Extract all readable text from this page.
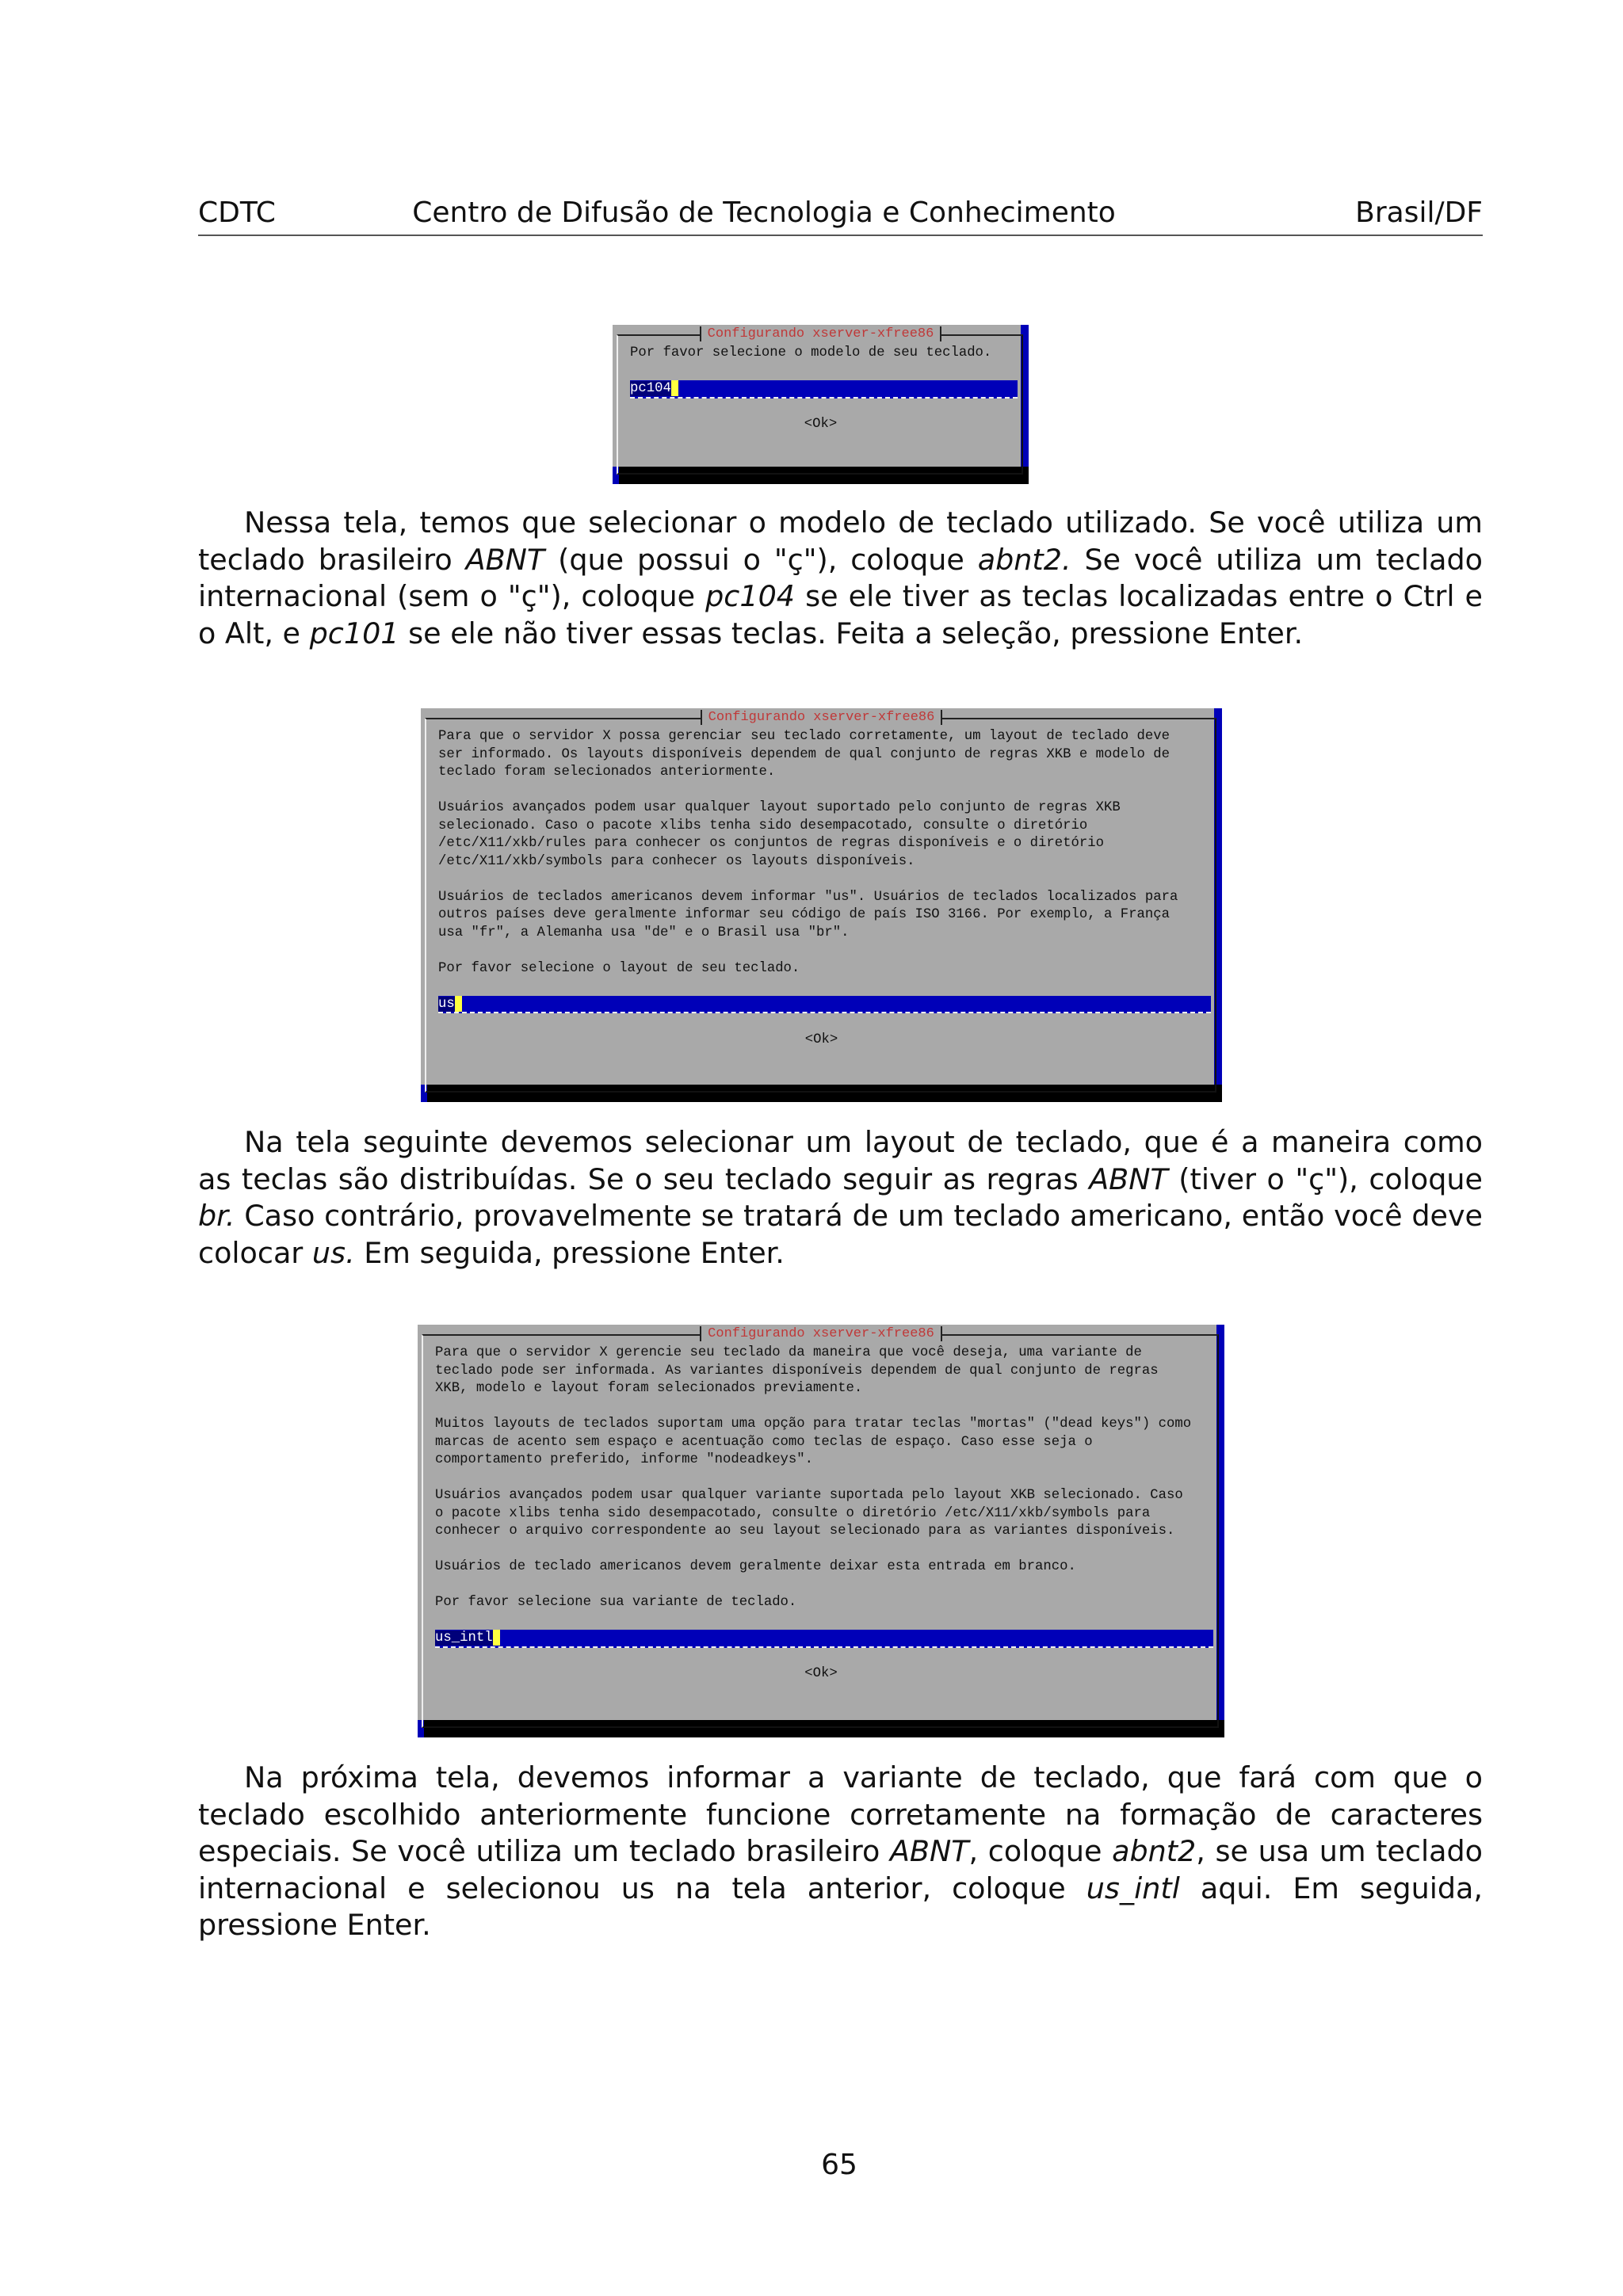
CDTC	Centro de Difusão de Tecnologia e Conhecimento	Brasil/DF
Configurando xserver-xfree86
Por favor selecione o modelo de seu teclado.
pc104
<Ok>
Nessa tela, temos que selecionar o modelo de teclado utilizado. Se você utiliza um teclado brasileiro ABNT (que possui o "ç"), coloque abnt2. Se você utiliza um teclado internacional (sem o "ç"), coloque pc104 se ele tiver as teclas localizadas entre o Ctrl e o Alt, e pc101 se ele não tiver essas teclas. Feita a seleção, pressione Enter.
Configurando xserver-xfree86
Para que o servidor X possa gerenciar seu teclado corretamente, um layout de teclado deve
ser informado. Os layouts disponíveis dependem de qual conjunto de regras XKB e modelo de
teclado foram selecionados anteriormente.
Usuários avançados podem usar qualquer layout suportado pelo conjunto de regras XKB
selecionado. Caso o pacote xlibs tenha sido desempacotado, consulte o diretório
/etc/X11/xkb/rules para conhecer os conjuntos de regras disponíveis e o diretório
/etc/X11/xkb/symbols para conhecer os layouts disponíveis.
Usuários de teclados americanos devem informar "us". Usuários de teclados localizados para
outros países deve geralmente informar seu código de país ISO 3166. Por exemplo, a França
usa "fr", a Alemanha usa "de" e o Brasil usa "br".
Por favor selecione o layout de seu teclado.
us
<Ok>
Na tela seguinte devemos selecionar um layout de teclado, que é a maneira como as teclas são distribuídas. Se o seu teclado seguir as regras ABNT (tiver o "ç"), coloque br. Caso contrário, provavelmente se tratará de um teclado americano, então você deve colocar us. Em seguida, pressione Enter.
Configurando xserver-xfree86
Para que o servidor X gerencie seu teclado da maneira que você deseja, uma variante de
teclado pode ser informada. As variantes disponíveis dependem de qual conjunto de regras
XKB, modelo e layout foram selecionados previamente.
Muitos layouts de teclados suportam uma opção para tratar teclas "mortas" ("dead keys") como
marcas de acento sem espaço e acentuação como teclas de espaço. Caso esse seja o
comportamento preferido, informe "nodeadkeys".
Usuários avançados podem usar qualquer variante suportada pelo layout XKB selecionado. Caso
o pacote xlibs tenha sido desempacotado, consulte o diretório /etc/X11/xkb/symbols para
conhecer o arquivo correspondente ao seu layout selecionado para as variantes disponíveis.
Usuários de teclado americanos devem geralmente deixar esta entrada em branco.
Por favor selecione sua variante de teclado.
us_intl
<Ok>
Na próxima tela, devemos informar a variante de teclado, que fará com que o teclado escolhido anteriormente funcione corretamente na formação de caracteres especiais. Se você utiliza um teclado brasileiro ABNT, coloque abnt2, se usa um teclado internacional e selecionou us na tela anterior, coloque us_intl aqui. Em seguida, pressione Enter.
65
